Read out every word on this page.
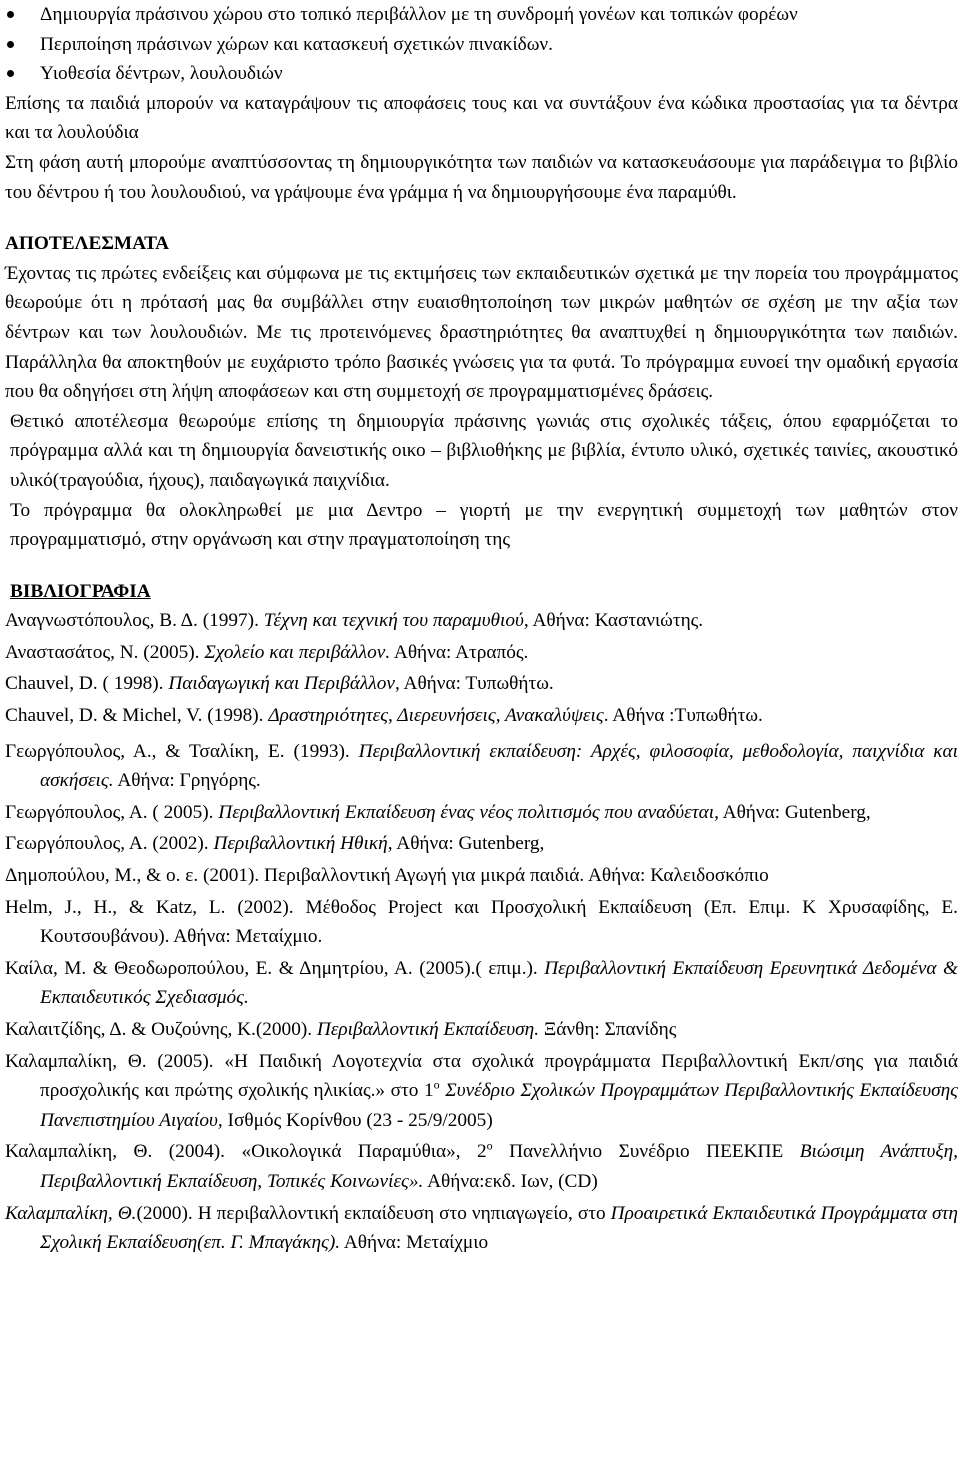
Δημιουργία πράσινου χώρου στο τοπικό περιβάλλον με τη συνδρομή γονέων και τοπικών φορέων
Περιποίηση πράσινων χώρων και κατασκευή σχετικών πινακίδων.
Υιοθεσία δέντρων, λουλουδιών

Επίσης τα παιδιά μπορούν να καταγράψουν τις αποφάσεις τους και να συντάξουν ένα κώδικα προστασίας για τα δέντρα και τα λουλούδια

Στη φάση αυτή μπορούμε αναπτύσσοντας τη δημιουργικότητα των παιδιών να κατασκευάσουμε για παράδειγμα το βιβλίο του δέντρου ή του λουλουδιού, να γράψουμε ένα γράμμα ή να δημιουργήσουμε ένα παραμύθι.

ΑΠΟΤΕΛΕΣΜΑΤΑ

Έχοντας τις πρώτες ενδείξεις και σύμφωνα με τις εκτιμήσεις των εκπαιδευτικών σχετικά με την πορεία του προγράμματος θεωρούμε ότι η πρότασή μας θα συμβάλλει στην ευαισθητοποίηση των μικρών μαθητών σε σχέση με την αξία των δέντρων και των λουλουδιών. Με τις προτεινόμενες δραστηριότητες θα αναπτυχθεί η δημιουργικότητα των παιδιών. Παράλληλα θα αποκτηθούν με ευχάριστο τρόπο βασικές γνώσεις για τα φυτά. Το πρόγραμμα ευνοεί την ομαδική εργασία που θα οδηγήσει στη λήψη αποφάσεων και στη συμμετοχή σε προγραμματισμένες δράσεις.

Θετικό αποτέλεσμα θεωρούμε επίσης τη δημιουργία πράσινης γωνιάς στις σχολικές τάξεις, όπου εφαρμόζεται το πρόγραμμα αλλά και τη δημιουργία δανειστικής οικο – βιβλιοθήκης με βιβλία, έντυπο υλικό, σχετικές ταινίες, ακουστικό υλικό(τραγούδια, ήχους), παιδαγωγικά παιχνίδια.

Το πρόγραμμα θα ολοκληρωθεί με μια Δεντρο – γιορτή με την ενεργητική συμμετοχή των μαθητών στον προγραμματισμό, στην οργάνωση και στην πραγματοποίηση της

ΒΙΒΛΙΟΓΡΑΦΙΑ

Αναγνωστόπουλος, Β. Δ. (1997). Τέχνη και τεχνική του παραμυθιού, Αθήνα: Καστανιώτης.

Αναστασάτος, Ν. (2005). Σχολείο και περιβάλλον. Αθήνα: Ατραπός.

Chauvel, D. ( 1998). Παιδαγωγική και Περιβάλλον, Αθήνα: Τυπωθήτω.

Chauvel, D. & Michel, V. (1998). Δραστηριότητες, Διερευνήσεις, Ανακαλύψεις. Αθήνα :Τυπωθήτω.

Γεωργόπουλος, Α., & Τσαλίκη, Ε. (1993). Περιβαλλοντική εκπαίδευση: Αρχές, φιλοσοφία, μεθοδολογία, παιχνίδια και ασκήσεις. Αθήνα: Γρηγόρης.

Γεωργόπουλος, Α. ( 2005). Περιβαλλοντική Εκπαίδευση ένας νέος πολιτισμός που αναδύεται, Αθήνα: Gutenberg,

Γεωργόπουλος, Α. (2002). Περιβαλλοντική Ηθική, Αθήνα: Gutenberg,

Δημοπούλου, Μ., & ο. ε. (2001). Περιβαλλοντική Αγωγή για μικρά παιδιά. Αθήνα: Καλειδοσκόπιο

Helm, J., H., & Katz, L. (2002). Μέθοδος Project και Προσχολική Εκπαίδευση (Επ. Επιμ. Κ Χρυσαφίδης, Ε. Κουτσουβάνου). Αθήνα: Μεταίχμιο.

Καίλα, Μ. & Θεοδωροπούλου, Ε. & Δημητρίου, Α. (2005).( επιμ.). Περιβαλλοντική Εκπαίδευση Ερευνητικά Δεδομένα & Εκπαιδευτικός Σχεδιασμός.

Καλαιτζίδης, Δ. & Ουζούνης, Κ.(2000). Περιβαλλοντική Εκπαίδευση. Ξάνθη: Σπανίδης

Καλαμπαλίκη, Θ. (2005). «Η Παιδική Λογοτεχνία στα σχολικά προγράμματα Περιβαλλοντική Εκπ/σης για παιδιά προσχολικής και πρώτης σχολικής ηλικίας.» στο $1^o$ Συνέδριο Σχολικών Προγραμμάτων Περιβαλλοντικής Εκπαίδευσης Πανεπιστημίου Αιγαίου, Ισθμός Κορίνθου (23 - 25/9/2005)

Καλαμπαλίκη, Θ. (2004). «Οικολογικά Παραμύθια», $2^o$ Πανελλήνιο Συνέδριο ΠΕΕΚΠΕ Βιώσιμη Ανάπτυξη, Περιβαλλοντική Εκπαίδευση, Τοπικές Κοινωνίες». Αθήνα:εκδ. Ιων, (CD)

Καλαμπαλίκη, Θ.(2000). Η περιβαλλοντική εκπαίδευση στο νηπιαγωγείο, στο Προαιρετικά Εκπαιδευτικά Προγράμματα στη Σχολική Εκπαίδευση(επ. Γ. Μπαγάκης). Αθήνα: Μεταίχμιο
